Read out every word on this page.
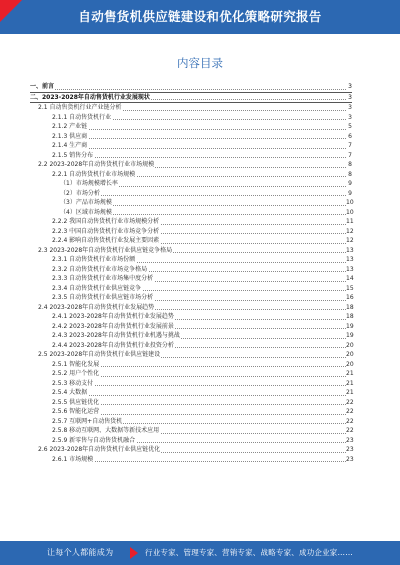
自动售货机供应链建设和优化策略研究报告
内容目录
一、前言	3
二、2023-2028年自动售货机行业发展现状	3
2.1 自动售货机行业产业链分析	3
2.1.1 自动售货机行业	3
2.1.2 产业链	5
2.1.3 供应商	6
2.1.4 生产商	7
2.1.5 销售分布	7
2.2 2023-2028年自动售货机行业市场规模	8
2.2.1 自动售货机行业市场规模	8
（1）市场规模增长率	9
（2）市场分析	9
（3）产品市场规模	10
（4）区域市场规模	10
2.2.2 我国自动售货机行业市场规模分析	11
2.2.3 中国自动售货机行业市场竞争分析	12
2.2.4 影响自动售货机行业发展主要因素	12
2.3 2023-2028年自动售货机行业供应链竞争格局	13
2.3.1 自动售货机行业市场份额	13
2.3.2 自动售货机行业市场竞争格局	13
2.3.3 自动售货机行业市场集中度分析	14
2.3.4 自动售货机行业供应链竞争	15
2.3.5 自动售货机行业供应链市场分析	16
2.4 2023-2028年自动售货机行业发展趋势	18
2.4.1 2023-2028年自动售货机行业发展趋势	18
2.4.2 2023-2028年自动售货机行业发展前景	19
2.4.3 2023-2028年自动售货机行业机遇与挑战	19
2.4.4 2023-2028年自动售货机行业投资分析	20
2.5 2023-2028年自动售货机行业供应链建设	20
2.5.1 智能化发展	20
2.5.2 用户个性化	21
2.5.3 移动支付	21
2.5.4 大数据	21
2.5.5 供应链优化	22
2.5.6 智能化运营	22
2.5.7 互联网+自动售货机	22
2.5.8 移动互联网、大数据等新技术应用	22
2.5.9 新零售与自动售货机融合	23
2.6 2023-2028年自动售货机行业供应链优化	23
2.6.1 市场规模	23
让每个人都能成为	行业专家、管理专家、营销专家、战略专家、成功企业家……
